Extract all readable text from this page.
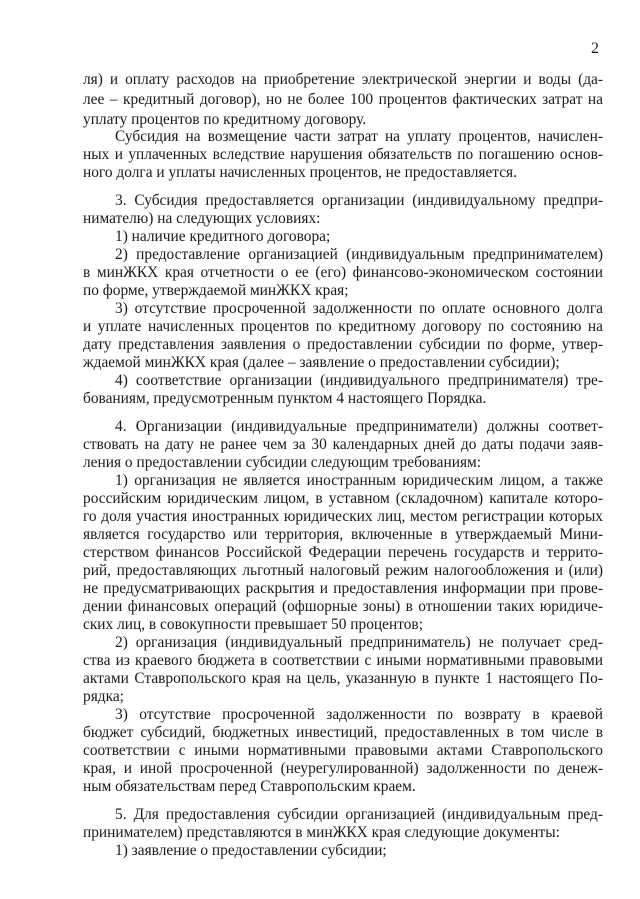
2
ля) и оплату расходов на приобретение электрической энергии и воды (да-
лее – кредитный договор), но не более 100 процентов фактических затрат на
уплату процентов по кредитному договору.
Субсидия на возмещение части затрат на уплату процентов, начислен-
ных и уплаченных вследствие нарушения обязательств по погашению основ-
ного долга и уплаты начисленных процентов, не предоставляется.
3. Субсидия предоставляется организации (индивидуальному предпри-
нимателю) на следующих условиях:
1) наличие кредитного договора;
2) предоставление организацией (индивидуальным предпринимателем)
в минЖКХ края отчетности о ее (его) финансово-экономическом состоянии
по форме, утверждаемой минЖКХ края;
3) отсутствие просроченной задолженности по оплате основного долга
и уплате начисленных процентов по кредитному договору по состоянию на
дату представления заявления о предоставлении субсидии по форме, утвер-
ждаемой минЖКХ края (далее – заявление о предоставлении субсидии);
4) соответствие организации (индивидуального предпринимателя) тре-
бованиям, предусмотренным пунктом 4 настоящего Порядка.
4. Организации (индивидуальные предприниматели) должны соответ-
ствовать на дату не ранее чем за 30 календарных дней до даты подачи заяв-
ления о предоставлении субсидии следующим требованиям:
1) организация не является иностранным юридическим лицом, а также
российским юридическим лицом, в уставном (складочном) капитале которо-
го доля участия иностранных юридических лиц, местом регистрации которых
является государство или территория, включенные в утверждаемый Мини-
стерством финансов Российской Федерации перечень государств и террито-
рий, предоставляющих льготный налоговый режим налогообложения и (или)
не предусматривающих раскрытия и предоставления информации при прове-
дении финансовых операций (офшорные зоны) в отношении таких юридиче-
ских лиц, в совокупности превышает 50 процентов;
2) организация (индивидуальный предприниматель) не получает сред-
ства из краевого бюджета в соответствии с иными нормативными правовыми
актами Ставропольского края на цель, указанную в пункте 1 настоящего По-
рядка;
3) отсутствие просроченной задолженности по возврату в краевой
бюджет субсидий, бюджетных инвестиций, предоставленных в том числе в
соответствии с иными нормативными правовыми актами Ставропольского
края, и иной просроченной (неурегулированной) задолженности по денеж-
ным обязательствам перед Ставропольским краем.
5. Для предоставления субсидии организацией (индивидуальным пред-
принимателем) представляются в минЖКХ края следующие документы:
1) заявление о предоставлении субсидии;
